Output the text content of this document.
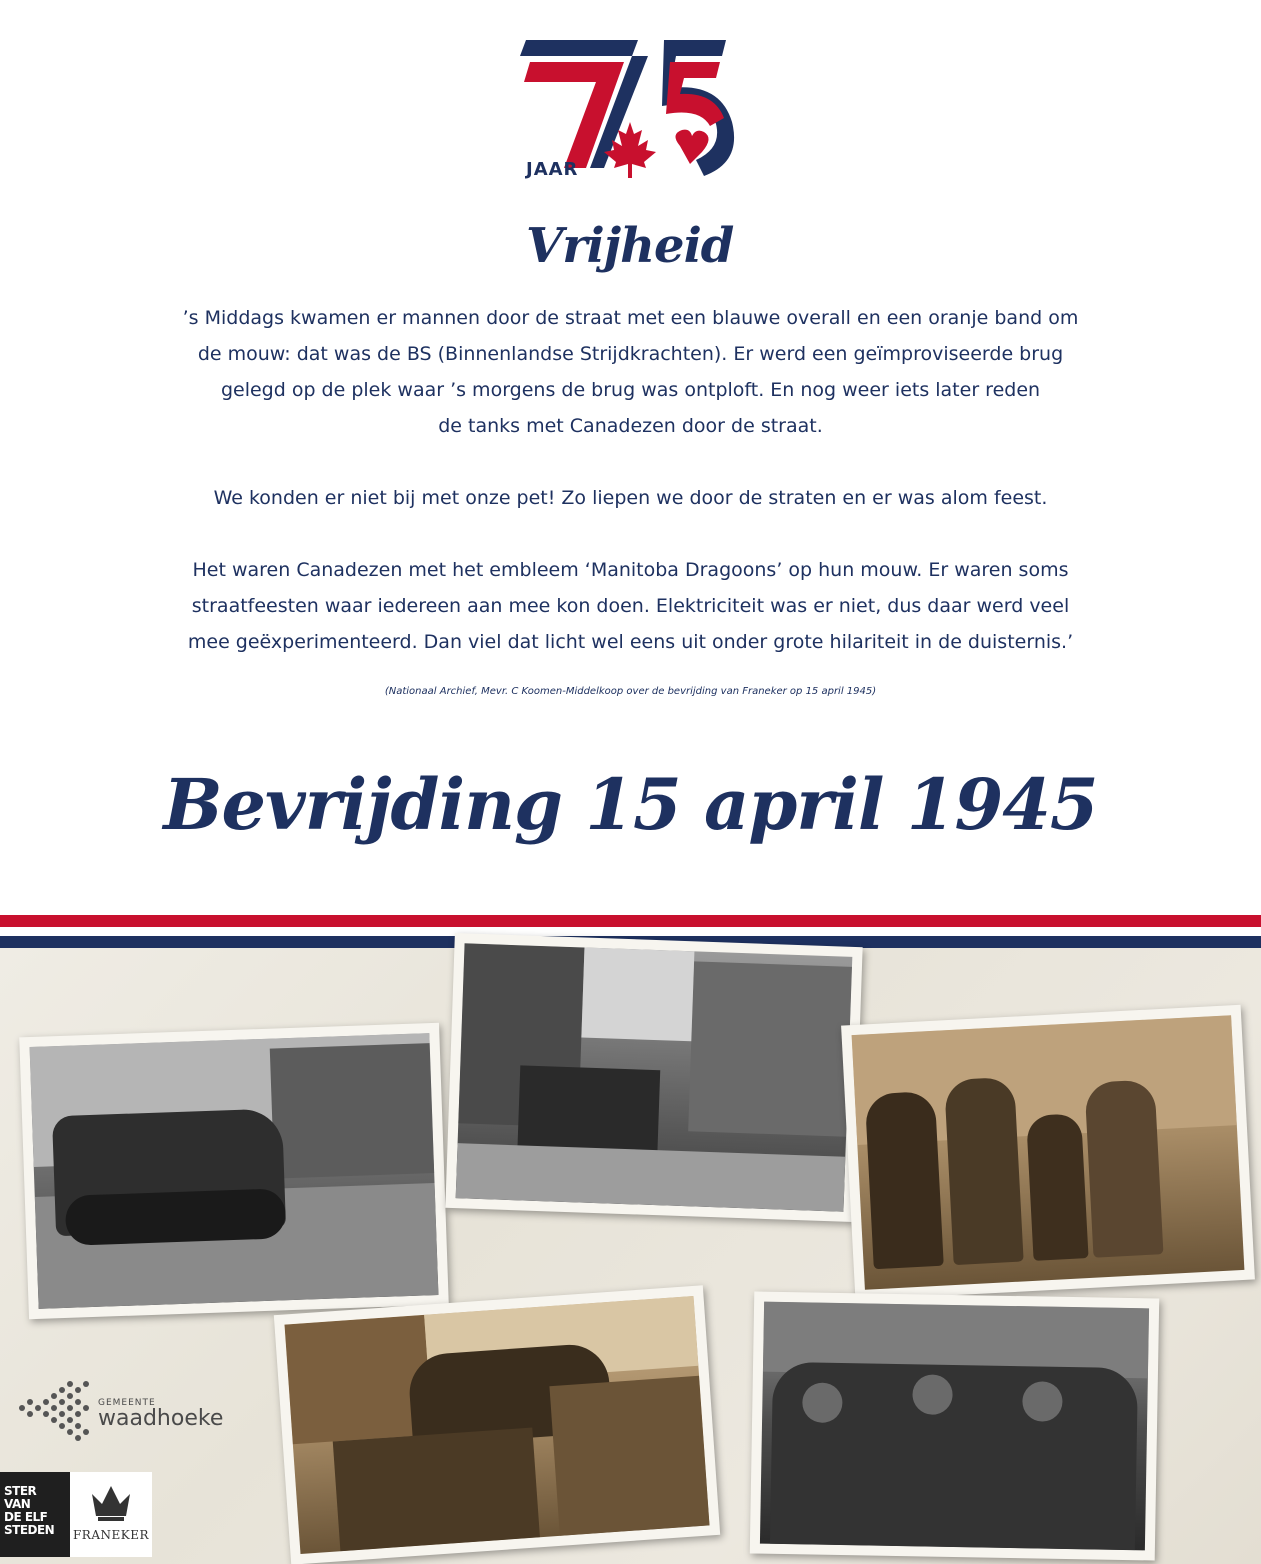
JAAR
Vrijheid

’s Middags kwamen er mannen door de straat met een blauwe overall en een oranje band om
de mouw: dat was de BS (Binnenlandse Strijdkrachten). Er werd een geïmproviseerde brug
gelegd op de plek waar ’s morgens de brug was ontploft. En nog weer iets later reden
de tanks met Canadezen door de straat.

We konden er niet bij met onze pet! Zo liepen we door de straten en er was alom feest.

Het waren Canadezen met het embleem ‘Manitoba Dragoons’ op hun mouw. Er waren soms
straatfeesten waar iedereen aan mee kon doen. Elektriciteit was er niet, dus daar werd veel
mee geëxperimenteerd. Dan viel dat licht wel eens uit onder grote hilariteit in de duisternis.’

(Nationaal Archief, Mevr. C Koomen-Middelkoop over de bevrijding van Franeker op 15 april 1945)
Bevrijding 15 april 1945
GEMEENTE
waadhoeke
STER
VAN
DE ELF
STEDEN	FRANEKER
